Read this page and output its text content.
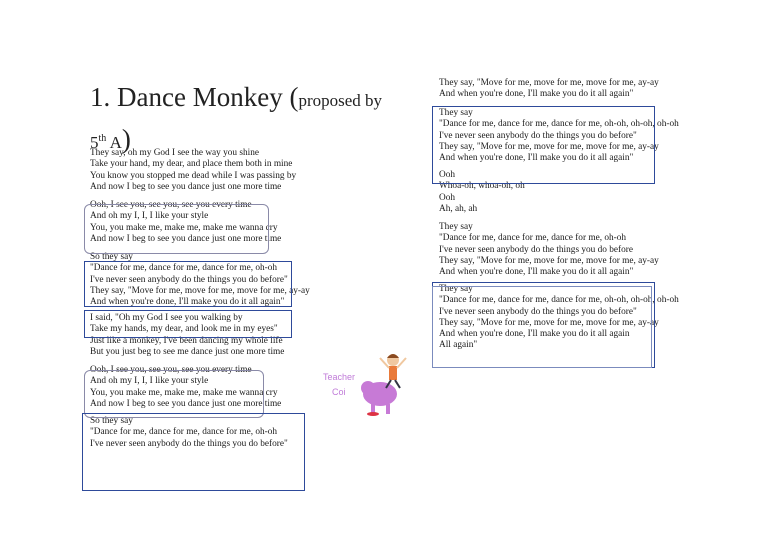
1. Dance Monkey (proposed by
5th A)
They say, oh my God I see the way you shine
Take your hand, my dear, and place them both in mine
You know you stopped me dead while I was passing by
And now I beg to see you dance just one more time
Ooh, I see you, see you, see you every time
And oh my I, I, I like your style
You, you make me, make me, make me wanna cry
And now I beg to see you dance just one more time
So they say
"Dance for me, dance for me, dance for me, oh-oh
I've never seen anybody do the things you do before"
They say, "Move for me, move for me, move for me, ay-ay
And when you're done, I'll make you do it all again"
I said, "Oh my God I see you walking by
Take my hands, my dear, and look me in my eyes"
Just like a monkey, I've been dancing my whole life
But you just beg to see me dance just one more time
Ooh, I see you, see you, see you every time
And oh my I, I, I like your style
You, you make me, make me, make me wanna cry
And now I beg to see you dance just one more time
So they say
"Dance for me, dance for me, dance for me, oh-oh
I've never seen anybody do the things you do before"
They say, "Move for me, move for me, move for me, ay-ay
And when you're done, I'll make you do it all again"
They say
"Dance for me, dance for me, dance for me, oh-oh, oh-oh, oh-oh
I've never seen anybody do the things you do before"
They say, "Move for me, move for me, move for me, ay-ay
And when you're done, I'll make you do it all again"
Ooh
Whoa-oh, whoa-oh, oh
Ooh
Ah, ah, ah
They say
"Dance for me, dance for me, dance for me, oh-oh
I've never seen anybody do the things you do before
They say, "Move for me, move for me, move for me, ay-ay
And when you're done, I'll make you do it all again"
They say
"Dance for me, dance for me, dance for me, oh-oh, oh-oh, oh-oh
I've never seen anybody do the things you do before"
They say, "Move for me, move for me, move for me, ay-ay
And when you're done, I'll make you do it all again
All again"
Teacher
Coi
